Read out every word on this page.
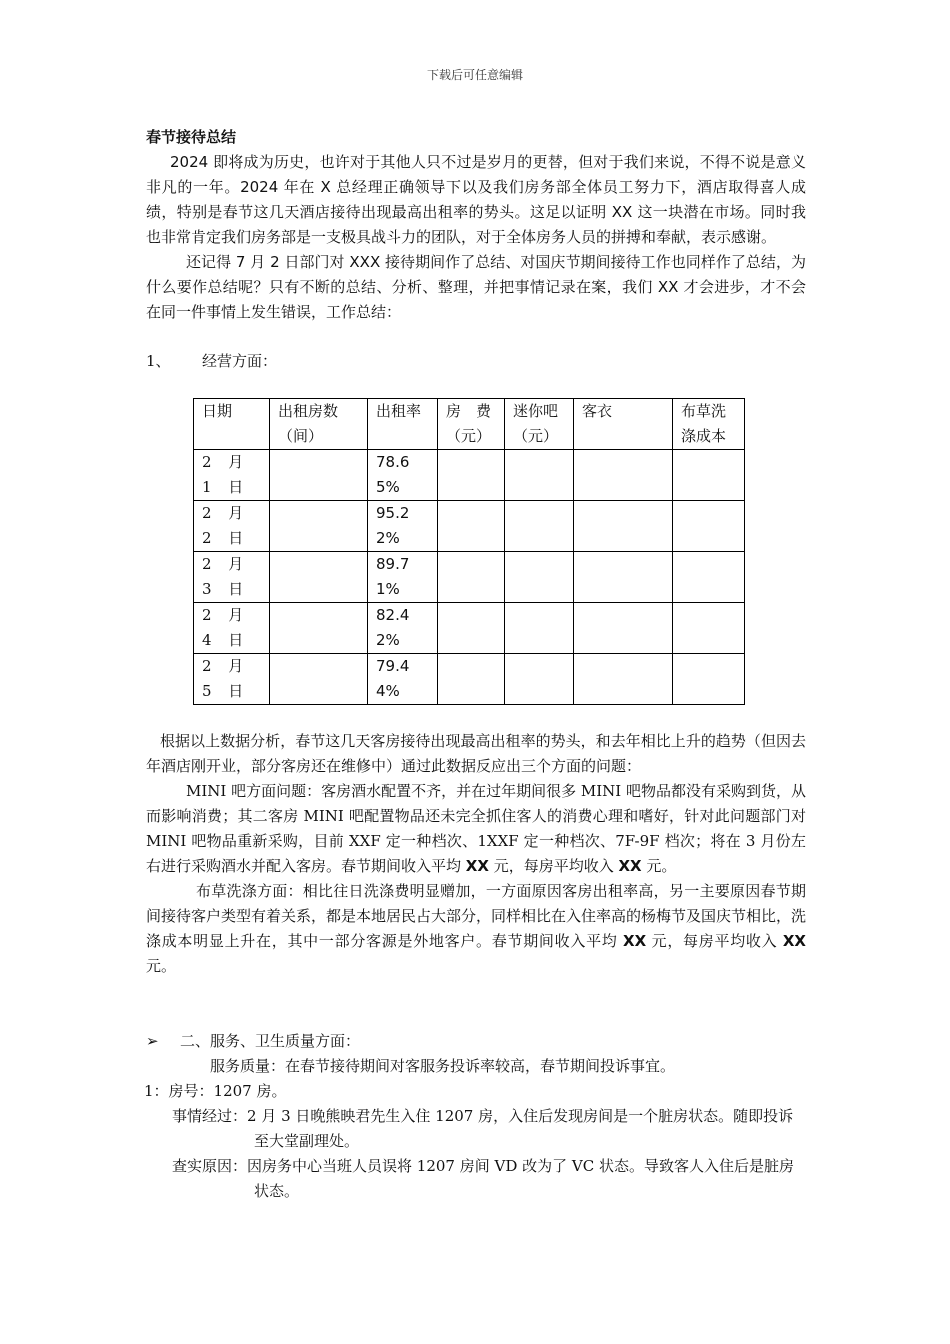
下载后可任意编辑
春节接待总结

2024 即将成为历史，也许对于其他人只不过是岁月的更替，但对于我们来说，不得不说是意义非凡的一年。2024 年在 X 总经理正确领导下以及我们房务部全体员工努力下，酒店取得喜人成绩，特别是春节这几天酒店接待出现最高出租率的势头。这足以证明 XX 这一块潜在市场。同时我也非常肯定我们房务部是一支极具战斗力的团队，对于全体房务人员的拼搏和奉献，表示感谢。

还记得 7 月 2 日部门对 XXX 接待期间作了总结、对国庆节期间接待工作也同样作了总结，为什么要作总结呢？只有不断的总结、分析、整理，并把事情记录在案，我们 XX 才会进步，才不会在同一件事情上发生错误，工作总结：

1、 经营方面：
日期	出租房数（间）	出租率	房　费（元）	迷你吧（元）	客衣	布草洗涤成本
2 月 1 日		78.65%				
2 月 2 日		95.22%				
2 月 3 日		89.71%				
2 月 4 日		82.42%				
2 月 5 日		79.44%				

根据以上数据分析，春节这几天客房接待出现最高出租率的势头，和去年相比上升的趋势（但因去年酒店刚开业，部分客房还在维修中）通过此数据反应出三个方面的问题：

MINI 吧方面问题：客房酒水配置不齐，并在过年期间很多 MINI 吧物品都没有采购到货，从而影响消费；其二客房 MINI 吧配置物品还未完全抓住客人的消费心理和嗜好，针对此问题部门对 MINI 吧物品重新采购，目前 XXF 定一种档次、1XXF 定一种档次、7F-9F 档次；将在 3 月份左右进行采购酒水并配入客房。春节期间收入平均 XX 元，每房平均收入 XX 元。

布草洗涤方面：相比往日洗涤费明显赠加，一方面原因客房出租率高，另一主要原因春节期间接待客户类型有着关系，都是本地居民占大部分，同样相比在入住率高的杨梅节及国庆节相比，洗涤成本明显上升在，其中一部分客源是外地客户。春节期间收入平均 XX 元，每房平均收入 XX 元。

➢ 二、服务、卫生质量方面：
服务质量：在春节接待期间对客服务投诉率较高，春节期间投诉事宜。
1：房号：1207 房。

事情经过：2 月 3 日晚熊映君先生入住 1207 房，入住后发现房间是一个脏房状态。随即投诉至大堂副理处。

查实原因：因房务中心当班人员误将 1207 房间 VD 改为了 VC 状态。导致客人入住后是脏房状态。
